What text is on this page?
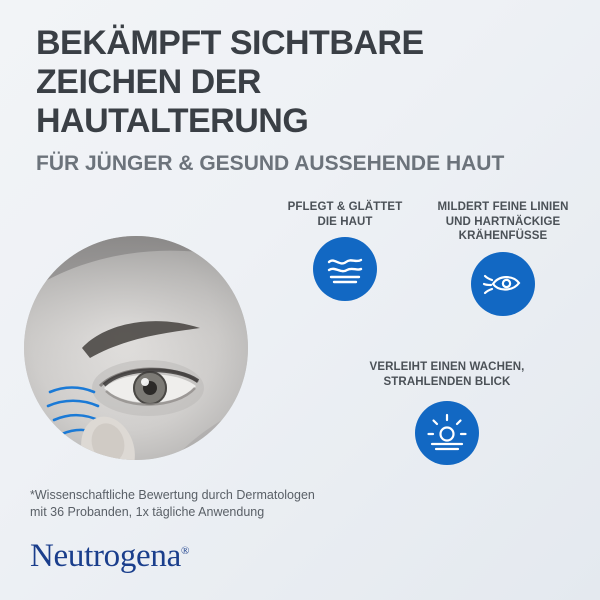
BEKÄMPFT SICHTBARE
ZEICHEN DER
HAUTALTERUNG
FÜR JÜNGER & GESUND AUSSEHENDE HAUT
PFLEGT & GLÄTTET
DIE HAUT
MILDERT FEINE LINIEN
UND HARTNÄCKIGE
KRÄHENFÜSSE
VERLEIHT EINEN WACHEN,
STRAHLENDEN BLICK
*Wissenschaftliche Bewertung durch Dermatologen
mit 36 Probanden, 1x tägliche Anwendung
Neutrogena®
